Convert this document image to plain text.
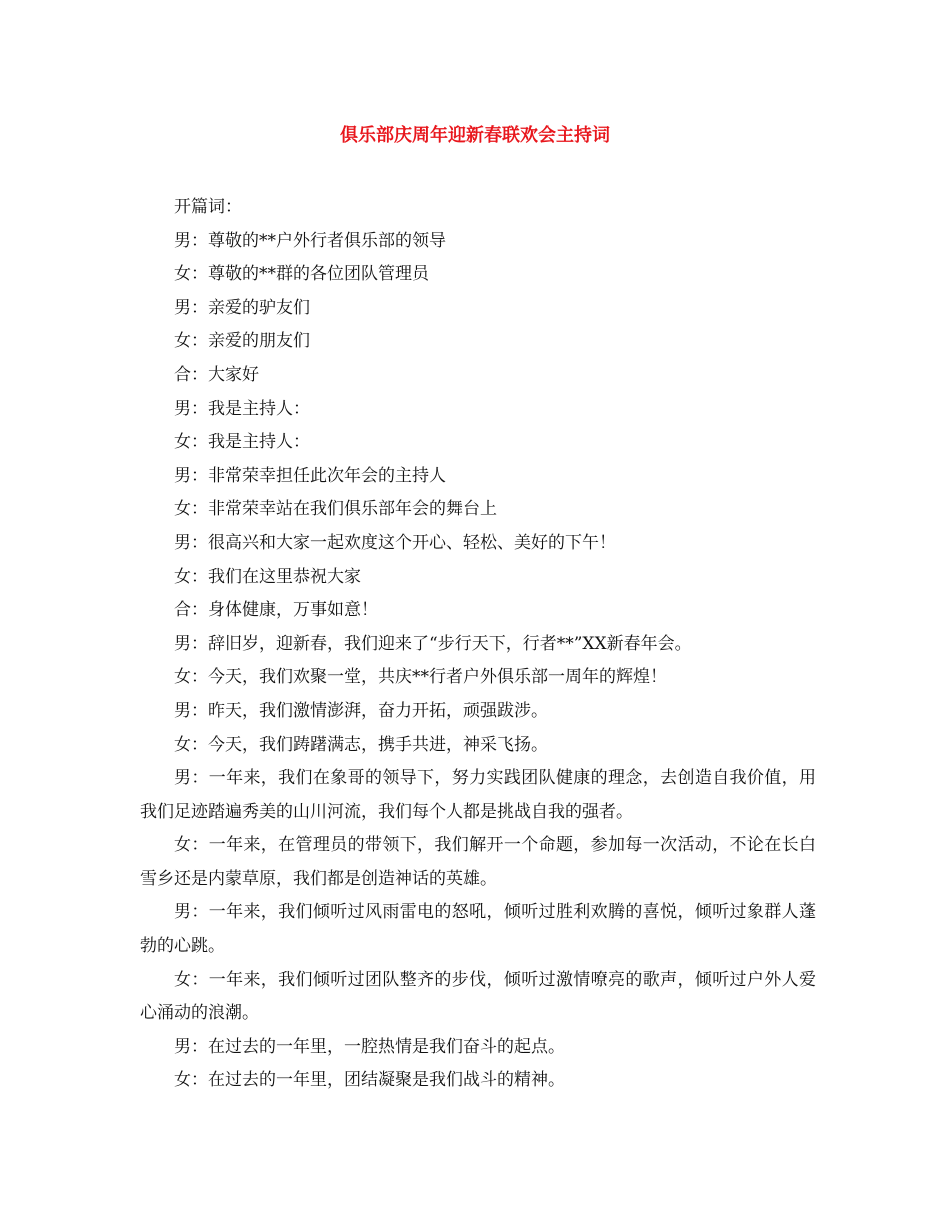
俱乐部庆周年迎新春联欢会主持词

开篇词：

男：尊敬的**户外行者俱乐部的领导

女：尊敬的**群的各位团队管理员

男：亲爱的驴友们

女：亲爱的朋友们

合：大家好

男：我是主持人：

女：我是主持人：

男：非常荣幸担任此次年会的主持人

女：非常荣幸站在我们俱乐部年会的舞台上

男：很高兴和大家一起欢度这个开心、轻松、美好的下午！

女：我们在这里恭祝大家

合：身体健康，万事如意！

男：辞旧岁，迎新春，我们迎来了“步行天下，行者**”XX新春年会。

女：今天，我们欢聚一堂，共庆**行者户外俱乐部一周年的辉煌！

男：昨天，我们激情澎湃，奋力开拓，顽强跋涉。

女：今天，我们踌躇满志，携手共进，神采飞扬。

男：一年来，我们在象哥的领导下，努力实践团队健康的理念，去创造自我价值，用我们足迹踏遍秀美的山川河流，我们每个人都是挑战自我的强者。

女：一年来，在管理员的带领下，我们解开一个命题，参加每一次活动，不论在长白雪乡还是内蒙草原，我们都是创造神话的英雄。

男：一年来，我们倾听过风雨雷电的怒吼，倾听过胜利欢腾的喜悦，倾听过象群人蓬勃的心跳。

女：一年来，我们倾听过团队整齐的步伐，倾听过激情嘹亮的歌声，倾听过户外人爱心涌动的浪潮。

男：在过去的一年里，一腔热情是我们奋斗的起点。

女：在过去的一年里，团结凝聚是我们战斗的精神。
